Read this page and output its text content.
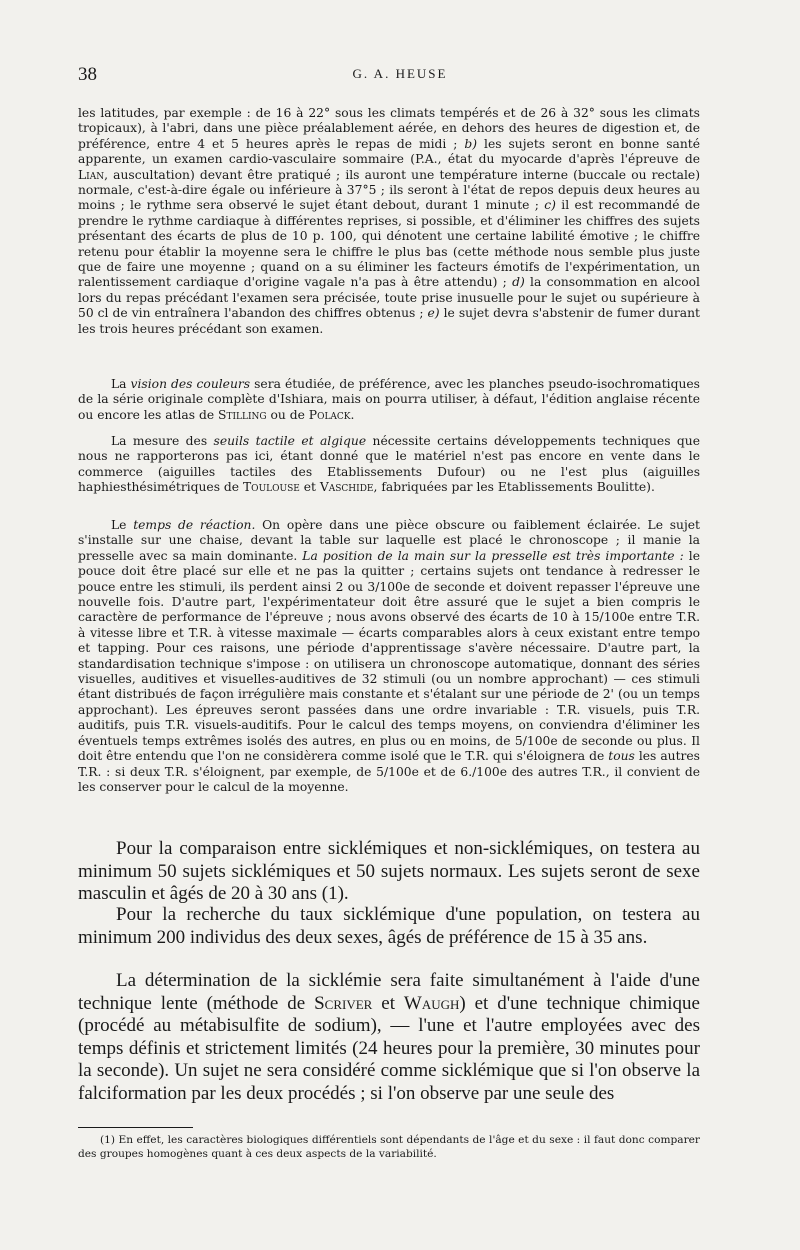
38	G. A. HEUSE

les latitudes, par exemple : de 16 à 22° sous les climats tempérés et de 26 à 32° sous les climats tropicaux), à l'abri, dans une pièce préalablement aérée, en dehors des heures de digestion et, de préférence, entre 4 et 5 heures après le repas de midi ; b) les sujets seront en bonne santé apparente, un examen cardio-vasculaire sommaire (P.A., état du myocarde d'après l'épreuve de Lian, auscultation) devant être pratiqué ; ils auront une température interne (buccale ou rectale) normale, c'est-à-dire égale ou inférieure à 37°5 ; ils seront à l'état de repos depuis deux heures au moins ; le rythme sera observé le sujet étant debout, durant 1 minute ; c) il est recommandé de prendre le rythme cardiaque à différentes reprises, si possible, et d'éliminer les chiffres des sujets présentant des écarts de plus de 10 p. 100, qui dénotent une certaine labilité émotive ; le chiffre retenu pour établir la moyenne sera le chiffre le plus bas (cette méthode nous semble plus juste que de faire une moyenne ; quand on a su éliminer les facteurs émotifs de l'expérimentation, un ralentissement cardiaque d'origine vagale n'a pas à être attendu) ; d) la consommation en alcool lors du repas précédant l'examen sera précisée, toute prise inusuelle pour le sujet ou supérieure à 50 cl de vin entraînera l'abandon des chiffres obtenus ; e) le sujet devra s'abstenir de fumer durant les trois heures précédant son examen.

La vision des couleurs sera étudiée, de préférence, avec les planches pseudo-isochromatiques de la série originale complète d'Ishiara, mais on pourra utiliser, à défaut, l'édition anglaise récente ou encore les atlas de Stilling ou de Polack.

La mesure des seuils tactile et algique nécessite certains développements techniques que nous ne rapporterons pas ici, étant donné que le matériel n'est pas encore en vente dans le commerce (aiguilles tactiles des Etablissements Dufour) ou ne l'est plus (aiguilles haphiesthésimétriques de Toulouse et Vaschide, fabriquées par les Etablissements Boulitte).

Le temps de réaction. On opère dans une pièce obscure ou faiblement éclairée. Le sujet s'installe sur une chaise, devant la table sur laquelle est placé le chronoscope ; il manie la presselle avec sa main dominante. La position de la main sur la presselle est très importante : le pouce doit être placé sur elle et ne pas la quitter ; certains sujets ont tendance à redresser le pouce entre les stimuli, ils perdent ainsi 2 ou 3/100e de seconde et doivent repasser l'épreuve une nouvelle fois. D'autre part, l'expérimentateur doit être assuré que le sujet a bien compris le caractère de performance de l'épreuve ; nous avons observé des écarts de 10 à 15/100e entre T.R. à vitesse libre et T.R. à vitesse maximale — écarts comparables alors à ceux existant entre tempo et tapping. Pour ces raisons, une période d'apprentissage s'avère nécessaire. D'autre part, la standardisation technique s'impose : on utilisera un chronoscope automatique, donnant des séries visuelles, auditives et visuelles-auditives de 32 stimuli (ou un nombre approchant) — ces stimuli étant distribués de façon irrégulière mais constante et s'étalant sur une période de 2' (ou un temps approchant). Les épreuves seront passées dans une ordre invariable : T.R. visuels, puis T.R. auditifs, puis T.R. visuels-auditifs. Pour le calcul des temps moyens, on conviendra d'éliminer les éventuels temps extrêmes isolés des autres, en plus ou en moins, de 5/100e de seconde ou plus. Il doit être entendu que l'on ne considèrera comme isolé que le T.R. qui s'éloignera de tous les autres T.R. : si deux T.R. s'éloignent, par exemple, de 5/100e et de 6./100e des autres T.R., il convient de les conserver pour le calcul de la moyenne.

Pour la comparaison entre sicklémiques et non-sicklémiques, on testera au minimum 50 sujets sicklémiques et 50 sujets normaux. Les sujets seront de sexe masculin et âgés de 20 à 30 ans (1).
Pour la recherche du taux sicklémique d'une population, on testera au minimum 200 individus des deux sexes, âgés de préférence de 15 à 35 ans.
La détermination de la sicklémie sera faite simultanément à l'aide d'une technique lente (méthode de Scriver et Waugh) et d'une technique chimique (procédé au métabisulfite de sodium), — l'une et l'autre employées avec des temps définis et strictement limités (24 heures pour la première, 30 minutes pour la seconde). Un sujet ne sera considéré comme sicklémique que si l'on observe la falciformation par les deux procédés ; si l'on observe par une seule des
(1) En effet, les caractères biologiques différentiels sont dépendants de l'âge et du sexe : il faut donc comparer des groupes homogènes quant à ces deux aspects de la variabilité.
